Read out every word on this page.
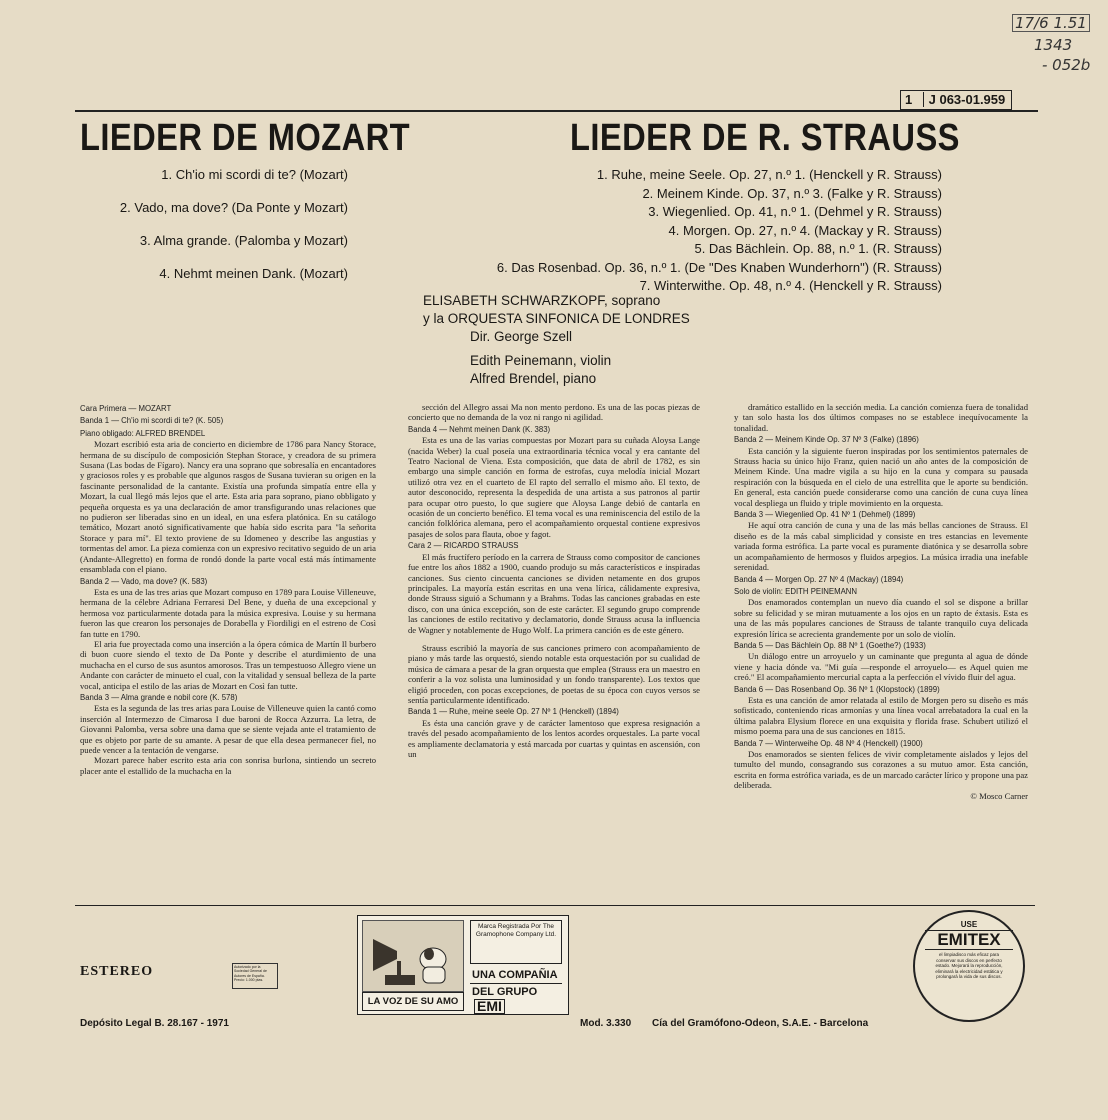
17/6 1.51
1343
- 052b
1 J 063-01.959
LIEDER DE MOZART	LIEDER DE R. STRAUSS
1. Ch'io mi scordi di te? (Mozart)
2. Vado, ma dove? (Da Ponte y Mozart)
3. Alma grande. (Palomba y Mozart)
4. Nehmt meinen Dank. (Mozart)
1. Ruhe, meine Seele. Op. 27, n.º 1. (Henckell y R. Strauss)
2. Meinem Kinde. Op. 37, n.º 3. (Falke y R. Strauss)
3. Wiegenlied. Op. 41, n.º 1. (Dehmel y R. Strauss)
4. Morgen. Op. 27, n.º 4. (Mackay y R. Strauss)
5. Das Bächlein. Op. 88, n.º 1. (R. Strauss)
6. Das Rosenbad. Op. 36, n.º 1. (De "Des Knaben Wunderhorn") (R. Strauss)
7. Winterwithe. Op. 48, n.º 4. (Henckell y R. Strauss)
ELISABETH SCHWARZKOPF, soprano
y la ORQUESTA SINFONICA DE LONDRES
Dir. George Szell
Edith Peinemann, violin
Alfred Brendel, piano

Cara Primera — MOZART

Banda 1 — Ch'io mi scordi di te? (K. 505)

Piano obligado: ALFRED BRENDEL

Mozart escribió esta aria de concierto en diciembre de 1786 para Nancy Storace, hermana de su discípulo de composición Stephan Storace, y creadora de su primera Susana (Las bodas de Fígaro). Nancy era una soprano que sobresalía en encantadores y graciosos roles y es probable que algunos rasgos de Susana tuvieran su origen en la fascinante personalidad de la cantante. Existía una profunda simpatía entre ella y Mozart, la cual llegó más lejos que el arte. Esta aria para soprano, piano obbligato y pequeña orquesta es ya una declaración de amor transfigurando unas relaciones que no pudieron ser liberadas sino en un ideal, en una esfera platónica. En su catálogo temático, Mozart anotó significativamente que había sido escrita para "la señorita Storace y para mí". El texto proviene de su Idomeneo y describe las angustias y tormentas del amor. La pieza comienza con un expresivo recitativo seguido de un aria (Andante-Allegretto) en forma de rondó donde la parte vocal está más íntimamente ensamblada con el piano.

Banda 2 — Vado, ma dove? (K. 583)

Esta es una de las tres arias que Mozart compuso en 1789 para Louise Villeneuve, hermana de la célebre Adriana Ferraresi Del Bene, y dueña de una excepcional y hermosa voz particularmente dotada para la música expresiva. Louise y su hermana fueron las que crearon los personajes de Dorabella y Fiordiligi en el estreno de Così fan tutte en 1790.

El aria fue proyectada como una inserción a la ópera cómica de Martín Il burbero di buon cuore siendo el texto de Da Ponte y describe el aturdimiento de una muchacha en el curso de sus asuntos amorosos. Tras un tempestuoso Allegro viene un Andante con carácter de minueto el cual, con la vitalidad y sensual belleza de la parte vocal, anticipa el estilo de las arias de Mozart en Così fan tutte.

Banda 3 — Alma grande e nobil core (K. 578)

Esta es la segunda de las tres arias para Louise de Villeneuve quien la cantó como inserción al Intermezzo de Cimarosa I due baroni de Rocca Azzurra. La letra, de Giovanni Palomba, versa sobre una dama que se siente vejada ante el tratamiento de que es objeto por parte de su amante. A pesar de que ella desea permanecer fiel, no puede vencer a la tentación de vengarse.

Mozart parece haber escrito esta aria con sonrisa burlona, sintiendo un secreto placer ante el estallido de la muchacha en la

sección del Allegro assai Ma non mento perdono. Es una de las pocas piezas de concierto que no demanda de la voz ni rango ni agilidad.

Banda 4 — Nehmt meinen Dank (K. 383)

Esta es una de las varias compuestas por Mozart para su cuñada Aloysa Lange (nacida Weber) la cual poseía una extraordinaria técnica vocal y era cantante del Teatro Nacional de Viena. Esta composición, que data de abril de 1782, es sin embargo una simple canción en forma de estrofas, cuya melodía inicial Mozart utilizó otra vez en el cuarteto de El rapto del serrallo el mismo año. El texto, de autor desconocido, representa la despedida de una artista a sus patronos al partir para ocupar otro puesto, lo que sugiere que Aloysa Lange debió de cantarla en ocasión de un concierto benéfico. El tema vocal es una reminiscencia del estilo de la canción folklórica alemana, pero el acompañamiento orquestal contiene expresivos pasajes de solos para flauta, oboe y fagot.

Cara 2 — RICARDO STRAUSS

El más fructífero período en la carrera de Strauss como compositor de canciones fue entre los años 1882 a 1900, cuando produjo su más característicos e inspiradas canciones. Sus ciento cincuenta canciones se dividen netamente en dos grupos principales. La mayoría están escritas en una vena lírica, cálidamente expresiva, donde Strauss siguió a Schumann y a Brahms. Todas las canciones grabadas en este disco, con una única excepción, son de este carácter. El segundo grupo comprende las canciones de estilo recitativo y declamatorio, donde Strauss acusa la influencia de Wagner y notablemente de Hugo Wolf. La primera canción es de este género.

Strauss escribió la mayoría de sus canciones primero con acompañamiento de piano y más tarde las orquestó, siendo notable esta orquestación por su cualidad de música de cámara a pesar de la gran orquesta que emplea (Strauss era un maestro en conferir a la voz solista una luminosidad y un fondo transparente). Los textos que eligió proceden, con pocas excepciones, de poetas de su época con cuyos versos se sentía particularmente identificado.

Banda 1 — Ruhe, meine seele Op. 27 Nº 1 (Henckell) (1894)

Es ésta una canción grave y de carácter lamentoso que expresa resignación a través del pesado acompañamiento de los lentos acordes orquestales. La parte vocal es ampliamente declamatoria y está marcada por cuartas y quintas en ascensión, con un

dramático estallido en la sección media. La canción comienza fuera de tonalidad y tan solo hasta los dos últimos compases no se establece inequívocamente la tonalidad.

Banda 2 — Meinem Kinde Op. 37 Nº 3 (Falke) (1896)

Esta canción y la siguiente fueron inspiradas por los sentimientos paternales de Strauss hacia su único hijo Franz, quien nació un año antes de la composición de Meinem Kinde. Una madre vigila a su hijo en la cuna y compara su pausada respiración con la búsqueda en el cielo de una estrellita que le aporte su bendición. En general, esta canción puede considerarse como una canción de cuna cuya línea vocal despliega un fluido y triple movimiento en la orquesta.

Banda 3 — Wiegenlied Op. 41 Nº 1 (Dehmel) (1899)

He aquí otra canción de cuna y una de las más bellas canciones de Strauss. El diseño es de la más cabal simplicidad y consiste en tres estancias en levemente variada forma estrófica. La parte vocal es puramente diatónica y se desarrolla sobre un acompañamiento de hermosos y fluidos arpegios. La música irradia una inefable serenidad.

Banda 4 — Morgen Op. 27 Nº 4 (Mackay) (1894)

Solo de violín: EDITH PEINEMANN

Dos enamorados contemplan un nuevo día cuando el sol se dispone a brillar sobre su felicidad y se miran mutuamente a los ojos en un rapto de éxtasis. Esta es una de las más populares canciones de Strauss de talante tranquilo cuya delicada expresión lírica se acrecienta grandemente por un solo de violín.

Banda 5 — Das Bächlein Op. 88 Nº 1 (Goethe?) (1933)

Un diálogo entre un arroyuelo y un caminante que pregunta al agua de dónde viene y hacia dónde va. "Mi guía —responde el arroyuelo— es Aquel quien me creó." El acompañamiento mercurial capta a la perfección el vívido fluir del agua.

Banda 6 — Das Rosenband Op. 36 Nº 1 (Klopstock) (1899)

Esta es una canción de amor relatada al estilo de Morgen pero su diseño es más sofisticado, conteniendo ricas armonías y una línea vocal arrebatadora la cual en la última palabra Elysium florece en una exquisita y florida frase. Schubert utilizó el mismo poema para una de sus canciones en 1815.

Banda 7 — Winterweihe Op. 48 Nº 4 (Henckell) (1900)

Dos enamorados se sienten felices de vivir completamente aislados y lejos del tumulto del mundo, consagrando sus corazones a su mutuo amor. Esta canción, escrita en forma estrófica variada, es de un marcado carácter lírico y propone una paz deliberada.

© Mosco Carner

ESTEREO	Autorizado por la Sociedad General de Autores de España. Precio: 1.000 ptas.
LA VOZ DE SU AMO
Marca Registrada Por The Gramophone Company Ltd.
UNA COMPAÑIA
DEL GRUPO EMI
USE
EMITEX
el limpiadisco más eficaz para conservar sus discos en perfecto estado. Mejorará la reproducción, eliminará la electricidad estática y prolongará la vida de sus discos.
Depósito Legal B. 28.167 - 1971	Mod. 3.330 Cía del Gramófono-Odeon, S.A.E. - Barcelona
